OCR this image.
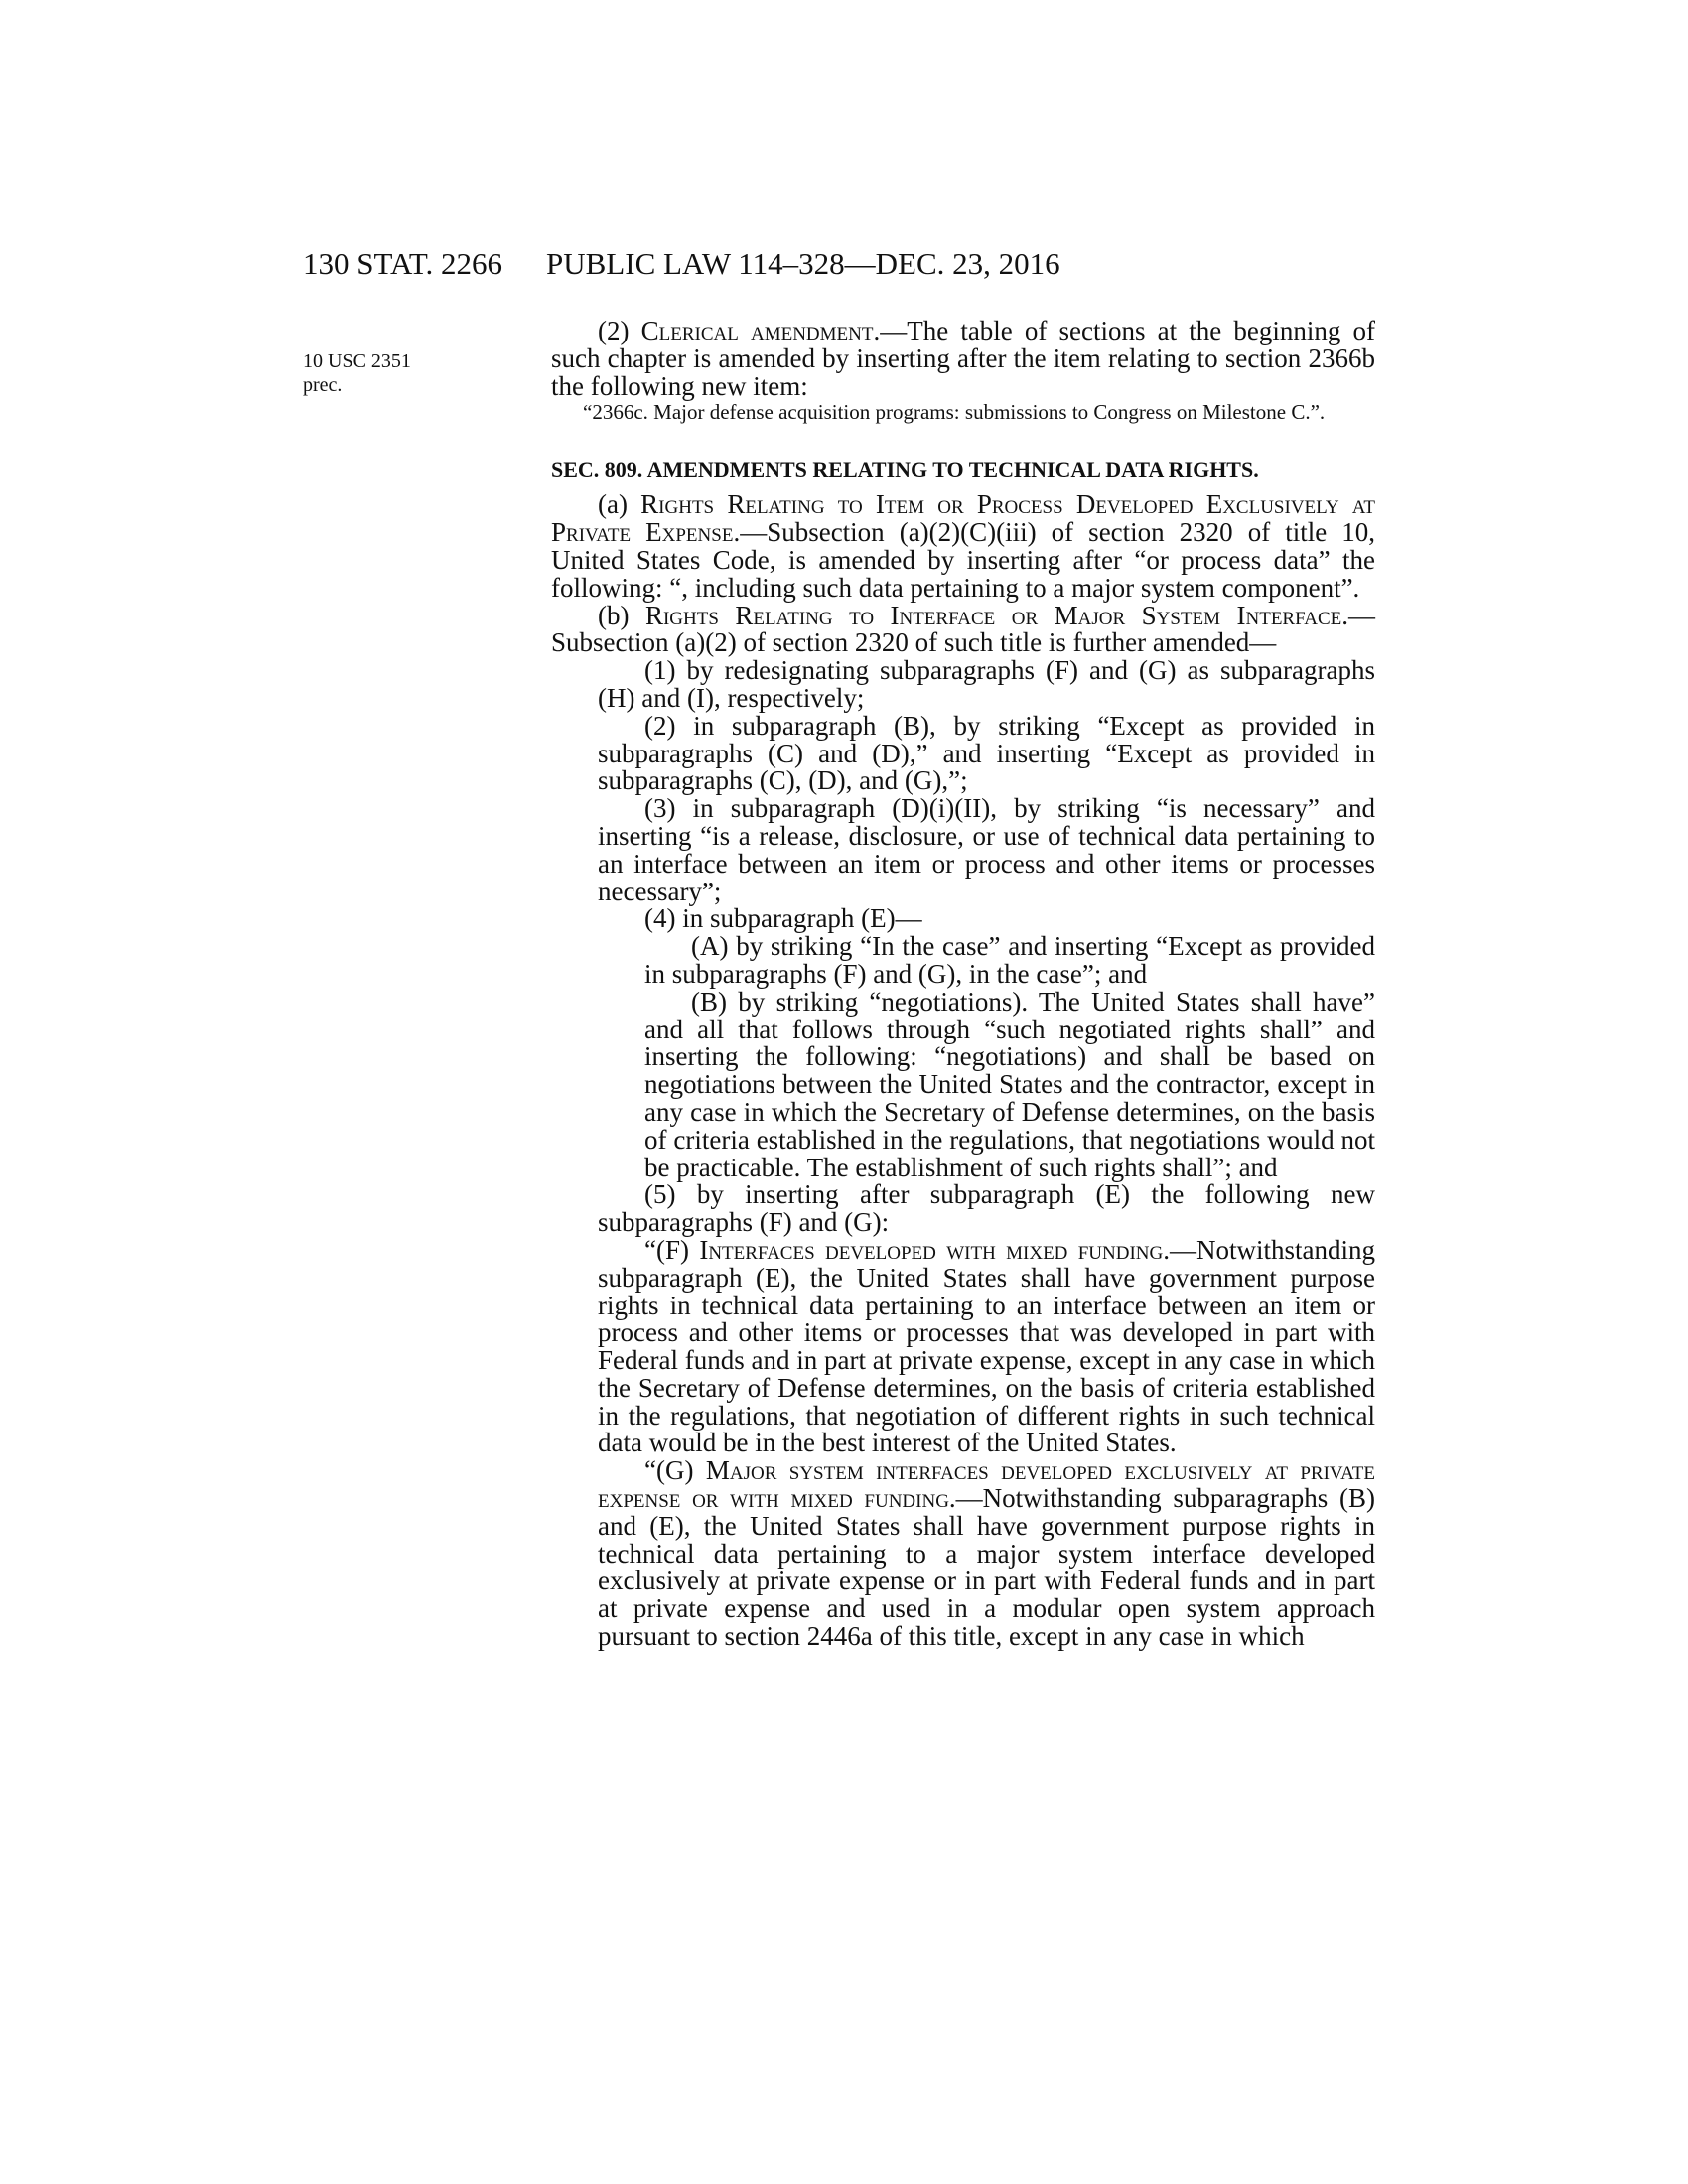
130 STAT. 2266 PUBLIC LAW 114–328—DEC. 23, 2016
10 USC 2351
prec.

(2) Clerical amendment.—The table of sections at the beginning of such chapter is amended by inserting after the item relating to section 2366b the following new item:

“2366c. Major defense acquisition programs: submissions to Congress on Milestone C.”.

SEC. 809. AMENDMENTS RELATING TO TECHNICAL DATA RIGHTS.

(a) Rights Relating to Item or Process Developed Exclusively at Private Expense.—Subsection (a)(2)(C)(iii) of section 2320 of title 10, United States Code, is amended by inserting after “or process data” the following: “, including such data pertaining to a major system component”.

(b) Rights Relating to Interface or Major System Interface.—Subsection (a)(2) of section 2320 of such title is further amended—

(1) by redesignating subparagraphs (F) and (G) as subparagraphs (H) and (I), respectively;

(2) in subparagraph (B), by striking “Except as provided in subparagraphs (C) and (D),” and inserting “Except as provided in subparagraphs (C), (D), and (G),”;

(3) in subparagraph (D)(i)(II), by striking “is necessary” and inserting “is a release, disclosure, or use of technical data pertaining to an interface between an item or process and other items or processes necessary”;

(4) in subparagraph (E)—

(A) by striking “In the case” and inserting “Except as provided in subparagraphs (F) and (G), in the case”; and

(B) by striking “negotiations). The United States shall have” and all that follows through “such negotiated rights shall” and inserting the following: “negotiations) and shall be based on negotiations between the United States and the contractor, except in any case in which the Secretary of Defense determines, on the basis of criteria established in the regulations, that negotiations would not be practicable. The establishment of such rights shall”; and

(5) by inserting after subparagraph (E) the following new subparagraphs (F) and (G):

“(F) Interfaces developed with mixed funding.—Notwithstanding subparagraph (E), the United States shall have government purpose rights in technical data pertaining to an interface between an item or process and other items or processes that was developed in part with Federal funds and in part at private expense, except in any case in which the Secretary of Defense determines, on the basis of criteria established in the regulations, that negotiation of different rights in such technical data would be in the best interest of the United States.

“(G) Major system interfaces developed exclusively at private expense or with mixed funding.—Notwithstanding subparagraphs (B) and (E), the United States shall have government purpose rights in technical data pertaining to a major system interface developed exclusively at private expense or in part with Federal funds and in part at private expense and used in a modular open system approach pursuant to section 2446a of this title, except in any case in which
